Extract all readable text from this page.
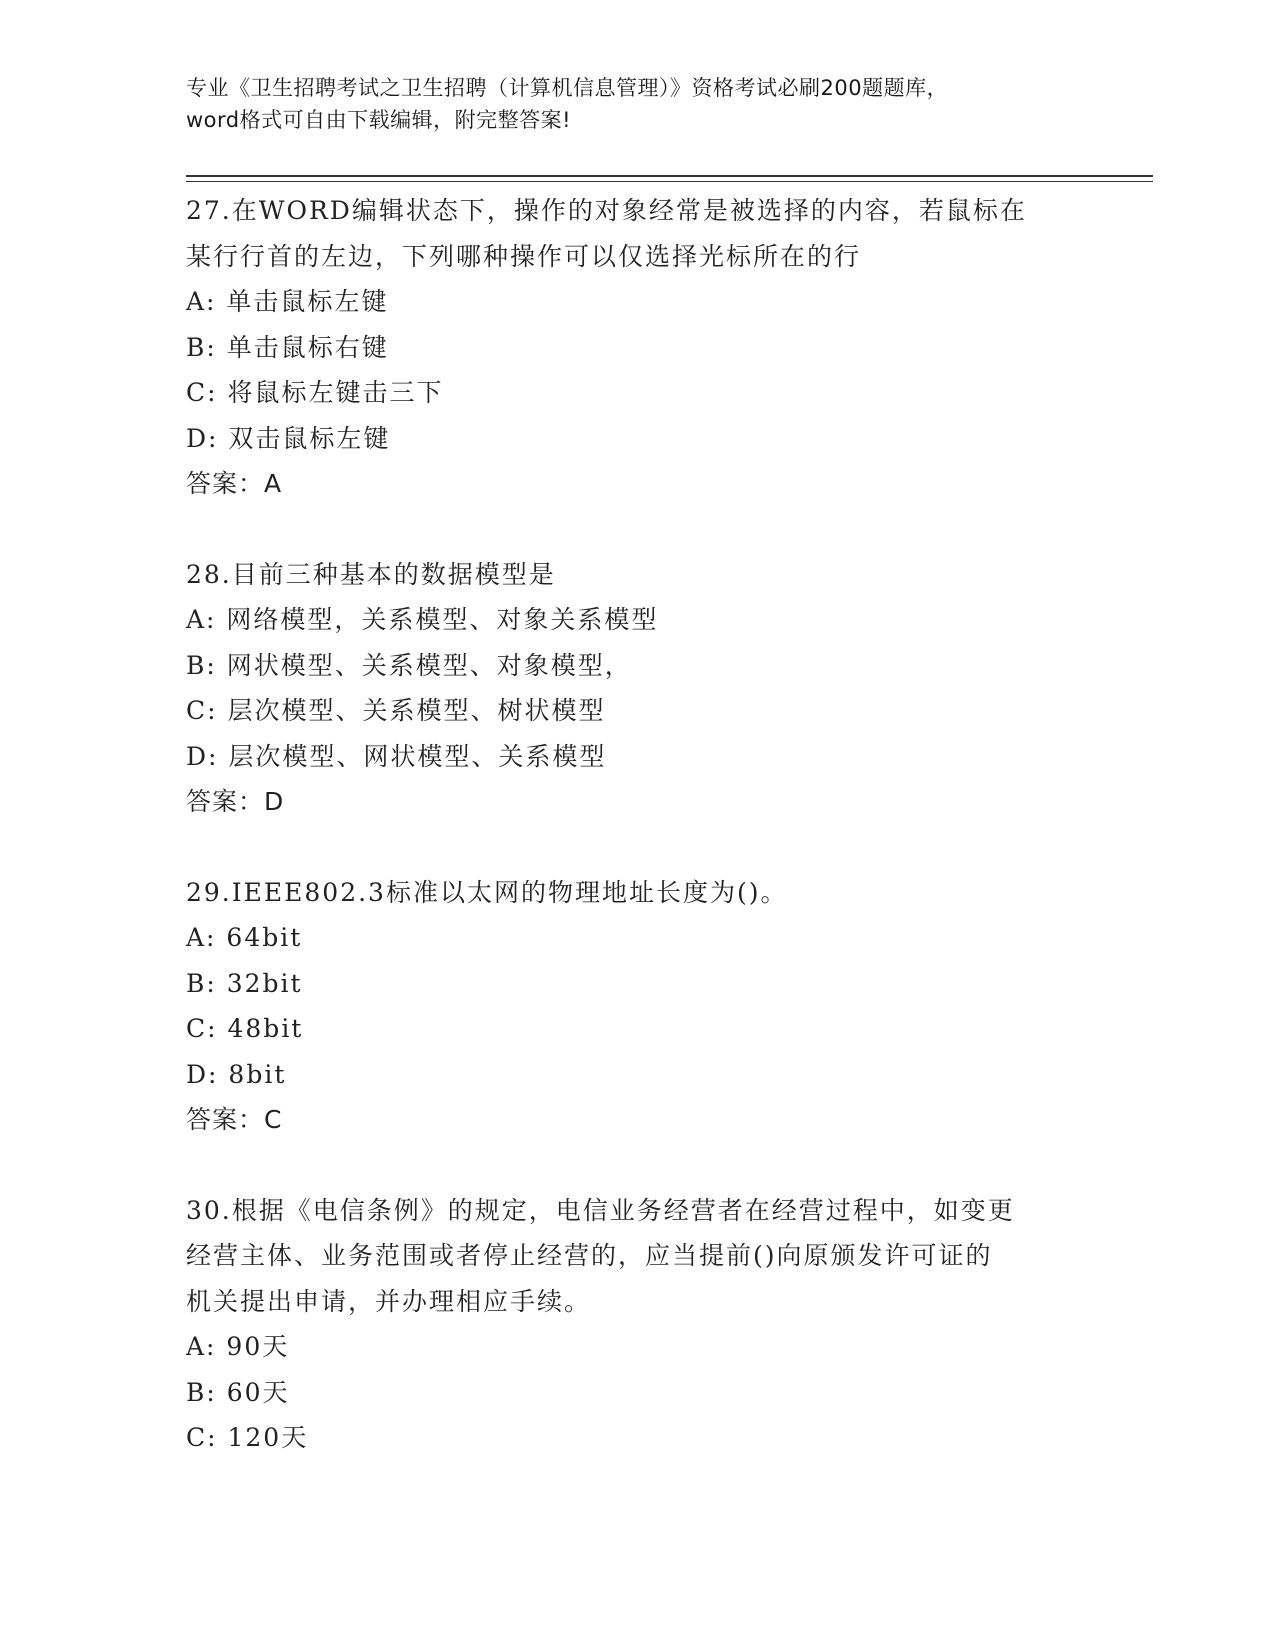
专业《卫生招聘考试之卫生招聘（计算机信息管理）》资格考试必刷200题题库，

word格式可自由下载编辑，附完整答案!

27.在WORD编辑状态下，操作的对象经常是被选择的内容，若鼠标在

某行行首的左边，下列哪种操作可以仅选择光标所在的行

A: 单击鼠标左键

B: 单击鼠标右键

C: 将鼠标左键击三下

D: 双击鼠标左键

答案：A

28.目前三种基本的数据模型是

A: 网络模型，关系模型、对象关系模型

B: 网状模型、关系模型、对象模型，

C: 层次模型、关系模型、树状模型

D: 层次模型、网状模型、关系模型

答案：D

29.IEEE802.3标准以太网的物理地址长度为()。

A: 64bit

B: 32bit

C: 48bit

D: 8bit

答案：C

30.根据《电信条例》的规定，电信业务经营者在经营过程中，如变更

经营主体、业务范围或者停止经营的，应当提前()向原颁发许可证的

机关提出申请，并办理相应手续。

A: 90天

B: 60天

C: 120天
